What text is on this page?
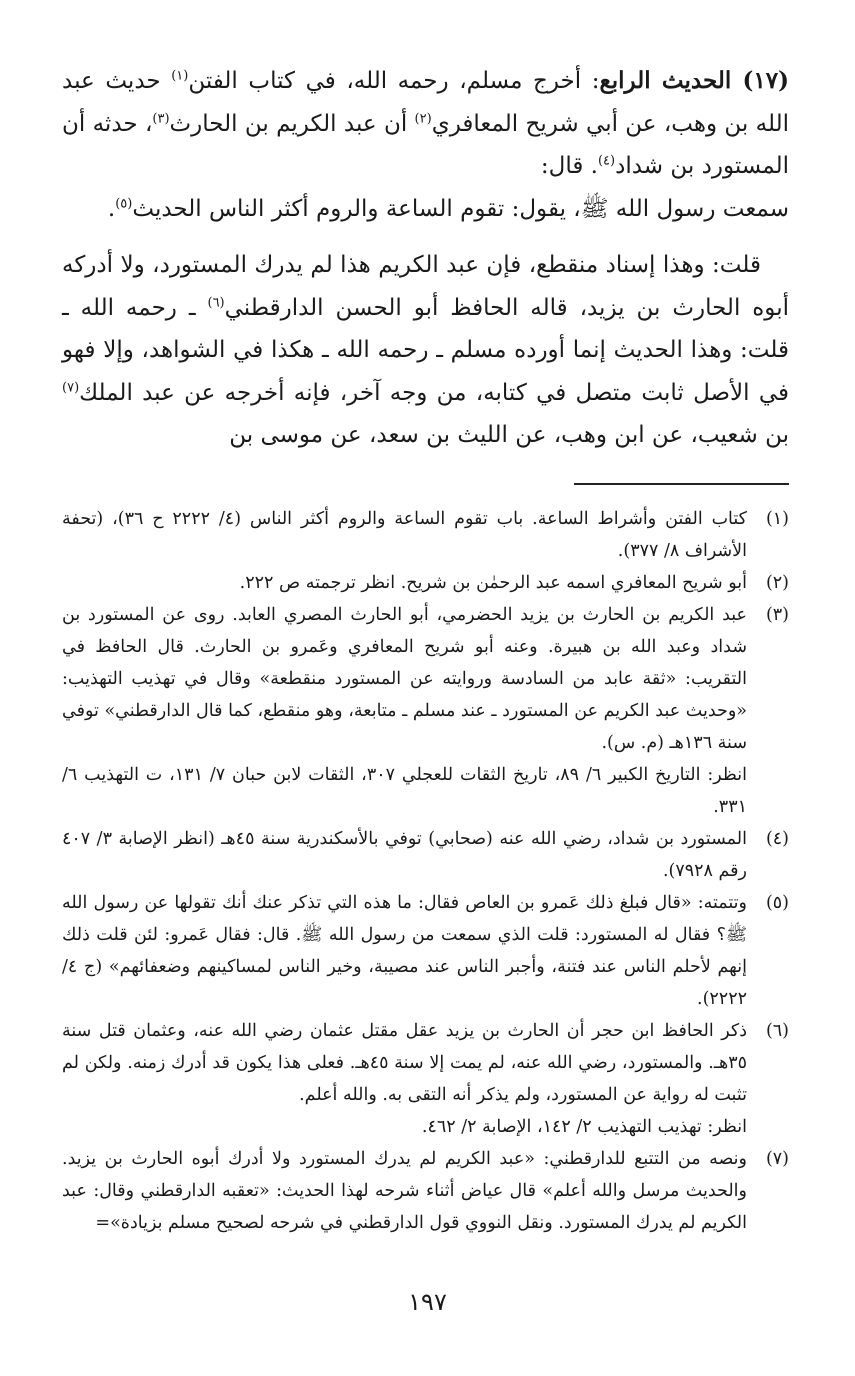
(١٧) الحديث الرابع: أخرج مسلم، رحمه الله، في كتاب الفتن$^{(١)}$ حديث عبد الله بن وهب، عن أبي شريح المعافري$^{(٢)}$ أن عبد الكريم بن الحارث$^{(٣)}$، حدثه أن المستورد بن شداد$^{(٤)}$. قال:

سمعت رسول الله ﷺ، يقول: تقوم الساعة والروم أكثر الناس الحديث$^{(٥)}$.

قلت: وهذا إسناد منقطع، فإن عبد الكريم هذا لم يدرك المستورد، ولا أدركه أبوه الحارث بن يزيد، قاله الحافظ أبو الحسن الدارقطني$^{(٦)}$ ـ رحمه الله ـ قلت: وهذا الحديث إنما أورده مسلم ـ رحمه الله ـ هكذا في الشواهد، وإلا فهو في الأصل ثابت متصل في كتابه، من وجه آخر، فإنه أخرجه عن عبد الملك$^{(٧)}$ بن شعيب، عن ابن وهب، عن الليث بن سعد، عن موسى بن

(١)

كتاب الفتن وأشراط الساعة. باب تقوم الساعة والروم أكثر الناس (٤/ ٢٢٢٢ ح ٣٦)، (تحفة الأشراف ٨/ ٣٧٧).

(٢)

أبو شريح المعافري اسمه عبد الرحمٰن بن شريح. انظر ترجمته ص ٢٢٢.

(٣)

عبد الكريم بن الحارث بن يزيد الحضرمي، أبو الحارث المصري العابد. روى عن المستورد بن شداد وعبد الله بن هبيرة. وعنه أبو شريح المعافري وعَمرو بن الحارث. قال الحافظ في التقريب: «ثقة عابد من السادسة وروايته عن المستورد منقطعة» وقال في تهذيب التهذيب: «وحديث عبد الكريم عن المستورد ـ عند مسلم ـ متابعة، وهو منقطع، كما قال الدارقطني» توفي سنة ١٣٦هـ (م. س).

انظر: التاريخ الكبير ٦/ ٨٩، تاريخ الثقات للعجلي ٣٠٧، الثقات لابن حبان ٧/ ١٣١، ت التهذيب ٦/ ٣٣١.

(٤)

المستورد بن شداد، رضي الله عنه (صحابي) توفي بالأسكندرية سنة ٤٥هـ (انظر الإصابة ٣/ ٤٠٧ رقم ٧٩٢٨).

(٥)

وتتمته: «قال فبلغ ذلك عَمرو بن العاص فقال: ما هذه التي تذكر عنك أنك تقولها عن رسول الله ﷺ؟ فقال له المستورد: قلت الذي سمعت من رسول الله ﷺ. قال: فقال عَمرو: لئن قلت ذلك إنهم لأحلم الناس عند فتنة، وأجبر الناس عند مصيبة، وخير الناس لمساكينهم وضعفائهم» (ج ٤/ ٢٢٢٢).

(٦)

ذكر الحافظ ابن حجر أن الحارث بن يزيد عقل مقتل عثمان رضي الله عنه، وعثمان قتل سنة ٣٥هـ. والمستورد، رضي الله عنه، لم يمت إلا سنة ٤٥هـ. فعلى هذا يكون قد أدرك زمنه. ولكن لم تثبت له رواية عن المستورد، ولم يذكر أنه التقى به. والله أعلم.

انظر: تهذيب التهذيب ٢/ ١٤٢، الإصابة ٢/ ٤٦٢.

(٧)

ونصه من التتبع للدارقطني: «عبد الكريم لم يدرك المستورد ولا أدرك أبوه الحارث بن يزيد. والحديث مرسل والله أعلم» قال عياض أثناء شرحه لهذا الحديث: «تعقبه الدارقطني وقال: عبد الكريم لم يدرك المستورد. ونقل النووي قول الدارقطني في شرحه لصحيح مسلم بزيادة»=

١٩٧
